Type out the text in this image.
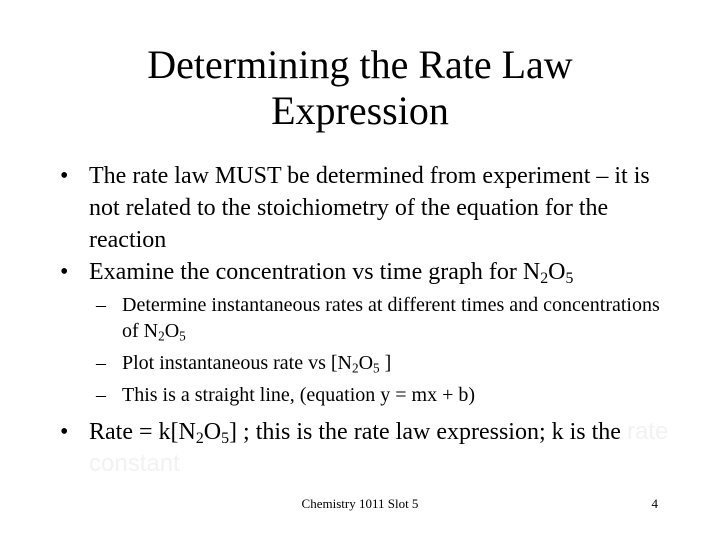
Determining the Rate Law
Expression
• The rate law MUST be determined from experiment – it is not related to the stoichiometry of the equation for the reaction
• Examine the concentration vs time graph for $N_2O_5$
– Determine instantaneous rates at different times and concentrations of $N_2O_5$
– Plot instantaneous rate vs [$N_2O_5$ ]
– This is a straight line, (equation y = mx + b)
• Rate = $k[N_2O_5]$ ; this is the rate law expression; k is the rate constant
Chemistry 1011 Slot 5	4
